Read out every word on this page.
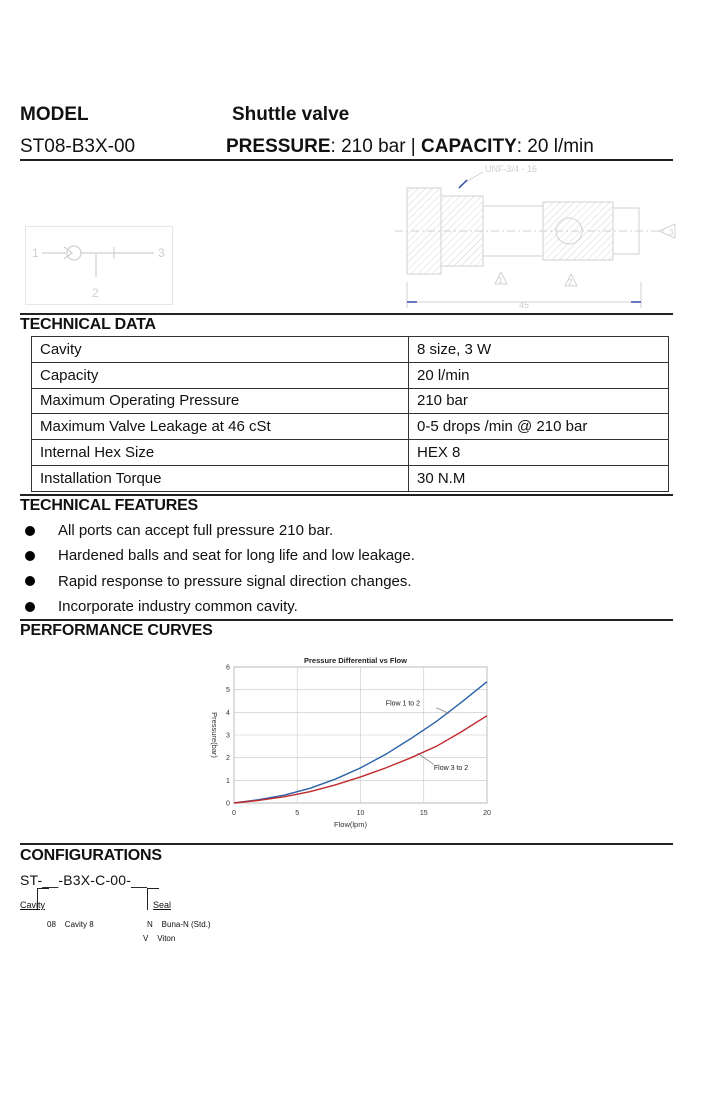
MODEL	Shuttle valve
ST08-B3X-00	PRESSURE: 210 bar | CAPACITY: 20 l/min
1	3
2
UNF-3/4 - 16
45
1	2
3
TECHNICAL DATA
Cavity	8 size, 3 W
Capacity	20 l/min
Maximum Operating Pressure	210 bar
Maximum Valve Leakage at 46 cSt	0-5 drops /min @ 210 bar
Internal Hex Size	HEX 8
Installation Torque	30 N.M
TECHNICAL FEATURES
All ports can accept full pressure 210 bar.
Hardened balls and seat for long life and low leakage.
Rapid response to pressure signal direction changes.
Incorporate industry common cavity.
PERFORMANCE CURVES
0	5	10	15	20
0
1
2
3
4
5
6
Pressure Differential vs Flow
Flow(lpm)
Pressure(bar)
Flow 1 to 2
Flow 3 to 2
CONFIGURATIONS
ST-__-B3X-C-00-__
Cavity	Seal
08 Cavity 8	N Buna-N (Std.)
V Viton
